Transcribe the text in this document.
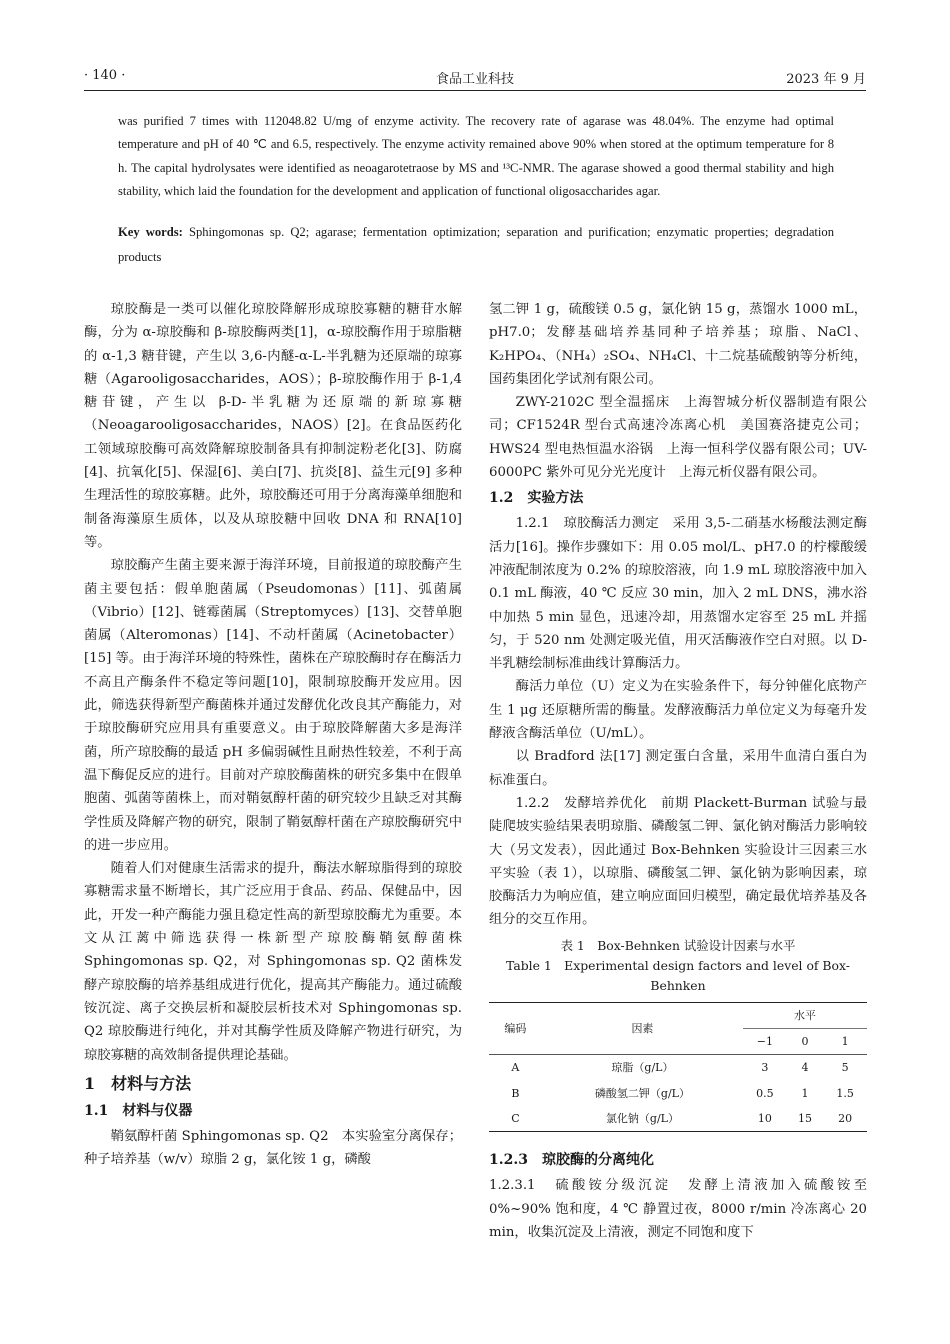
· 140 ·	食品工业科技	2023 年 9 月
was purified 7 times with 112048.82 U/mg of enzyme activity. The recovery rate of agarase was 48.04%. The enzyme had optimal temperature and pH of 40 ℃ and 6.5, respectively. The enzyme activity remained above 90% when stored at the optimum temperature for 8 h. The capital hydrolysates were identified as neoagarotetraose by MS and ¹³C-NMR. The agarase showed a good thermal stability and high stability, which laid the foundation for the development and application of functional oligosaccharides agar.
Key words: Sphingomonas sp. Q2; agarase; fermentation optimization; separation and purification; enzymatic properties; degradation products

琼胶酶是一类可以催化琼胶降解形成琼胶寡糖的糖苷水解酶，分为 α-琼胶酶和 β-琼胶酶两类[1]，α-琼胶酶作用于琼脂糖的 α-1,3 糖苷键，产生以 3,6-内醚-α-L-半乳糖为还原端的琼寡糖（Agarooligosaccharides，AOS）；β-琼胶酶作用于 β-1,4 糖苷键，产生以 β-D-半乳糖为还原端的新琼寡糖（Neoagarooligosaccharides，NAOS）[2]。在食品医药化工领域琼胶酶可高效降解琼胶制备具有抑制淀粉老化[3]、防腐[4]、抗氧化[5]、保湿[6]、美白[7]、抗炎[8]、益生元[9] 多种生理活性的琼胶寡糖。此外，琼胶酶还可用于分离海藻单细胞和制备海藻原生质体，以及从琼胶糖中回收 DNA 和 RNA[10] 等。

琼胶酶产生菌主要来源于海洋环境，目前报道的琼胶酶产生菌主要包括：假单胞菌属（Pseudomonas）[11]、弧菌属（Vibrio）[12]、链霉菌属（Streptomyces）[13]、交替单胞菌属（Alteromonas）[14]、不动杆菌属（Acinetobacter）[15] 等。由于海洋环境的特殊性，菌株在产琼胶酶时存在酶活力不高且产酶条件不稳定等问题[10]，限制琼胶酶开发应用。因此，筛选获得新型产酶菌株并通过发酵优化改良其产酶能力，对于琼胶酶研究应用具有重要意义。由于琼胶降解菌大多是海洋菌，所产琼胶酶的最适 pH 多偏弱碱性且耐热性较差，不利于高温下酶促反应的进行。目前对产琼胶酶菌株的研究多集中在假单胞菌、弧菌等菌株上，而对鞘氨醇杆菌的研究较少且缺乏对其酶学性质及降解产物的研究，限制了鞘氨醇杆菌在产琼胶酶研究中的进一步应用。

随着人们对健康生活需求的提升，酶法水解琼脂得到的琼胶寡糖需求量不断增长，其广泛应用于食品、药品、保健品中，因此，开发一种产酶能力强且稳定性高的新型琼胶酶尤为重要。本文从江蓠中筛选获得一株新型产琼胶酶鞘氨醇菌株 Sphingomonas sp. Q2，对 Sphingomonas sp. Q2 菌株发酵产琼胶酶的培养基组成进行优化，提高其产酶能力。通过硫酸铵沉淀、离子交换层析和凝胶层析技术对 Sphingomonas sp. Q2 琼胶酶进行纯化，并对其酶学性质及降解产物进行研究，为琼胶寡糖的高效制备提供理论基础。

1　材料与方法
1.1　材料与仪器

鞘氨醇杆菌 Sphingomonas sp. Q2　本实验室分离保存；种子培养基（w/v）琼脂 2 g，氯化铵 1 g，磷酸

氢二钾 1 g，硫酸镁 0.5 g，氯化钠 15 g，蒸馏水 1000 mL，pH7.0；发酵基础培养基同种子培养基；琼脂、NaCl、K₂HPO₄、（NH₄）₂SO₄、NH₄Cl、十二烷基硫酸钠等分析纯，国药集团化学试剂有限公司。

ZWY-2102C 型全温摇床　上海智城分析仪器制造有限公司；CF1524R 型台式高速冷冻离心机　美国赛洛捷克公司；HWS24 型电热恒温水浴锅　上海一恒科学仪器有限公司；UV-6000PC 紫外可见分光光度计　上海元析仪器有限公司。

1.2　实验方法

1.2.1　琼胶酶活力测定　采用 3,5-二硝基水杨酸法测定酶活力[16]。操作步骤如下：用 0.05 mol/L、pH7.0 的柠檬酸缓冲液配制浓度为 0.2% 的琼胶溶液，向 1.9 mL 琼胶溶液中加入 0.1 mL 酶液，40 ℃ 反应 30 min，加入 2 mL DNS，沸水浴中加热 5 min 显色，迅速冷却，用蒸馏水定容至 25 mL 并摇匀，于 520 nm 处测定吸光值，用灭活酶液作空白对照。以 D-半乳糖绘制标准曲线计算酶活力。

酶活力单位（U）定义为在实验条件下，每分钟催化底物产生 1 μg 还原糖所需的酶量。发酵液酶活力单位定义为每毫升发酵液含酶活单位（U/mL）。

以 Bradford 法[17] 测定蛋白含量，采用牛血清白蛋白为标准蛋白。

1.2.2　发酵培养优化　前期 Plackett-Burman 试验与最陡爬坡实验结果表明琼脂、磷酸氢二钾、氯化钠对酶活力影响较大（另文发表），因此通过 Box-Behnken 实验设计三因素三水平实验（表 1），以琼脂、磷酸氢二钾、氯化钠为影响因素，琼胶酶活力为响应值，建立响应面回归模型，确定最优培养基及各组分的交互作用。

表 1　Box-Behnken 试验设计因素与水平
Table 1　Experimental design factors and level of Box-Behnken
编码	因素	水平		
		−1	0	1
A	琼脂（g/L）	3	4	5
B	磷酸氢二钾（g/L）	0.5	1	1.5
C	氯化钠（g/L）	10	15	20
1.2.3　琼胶酶的分离纯化

1.2.3.1　硫酸铵分级沉淀　发酵上清液加入硫酸铵至 0%~90% 饱和度，4 ℃ 静置过夜，8000 r/min 冷冻离心 20 min，收集沉淀及上清液，测定不同饱和度下
